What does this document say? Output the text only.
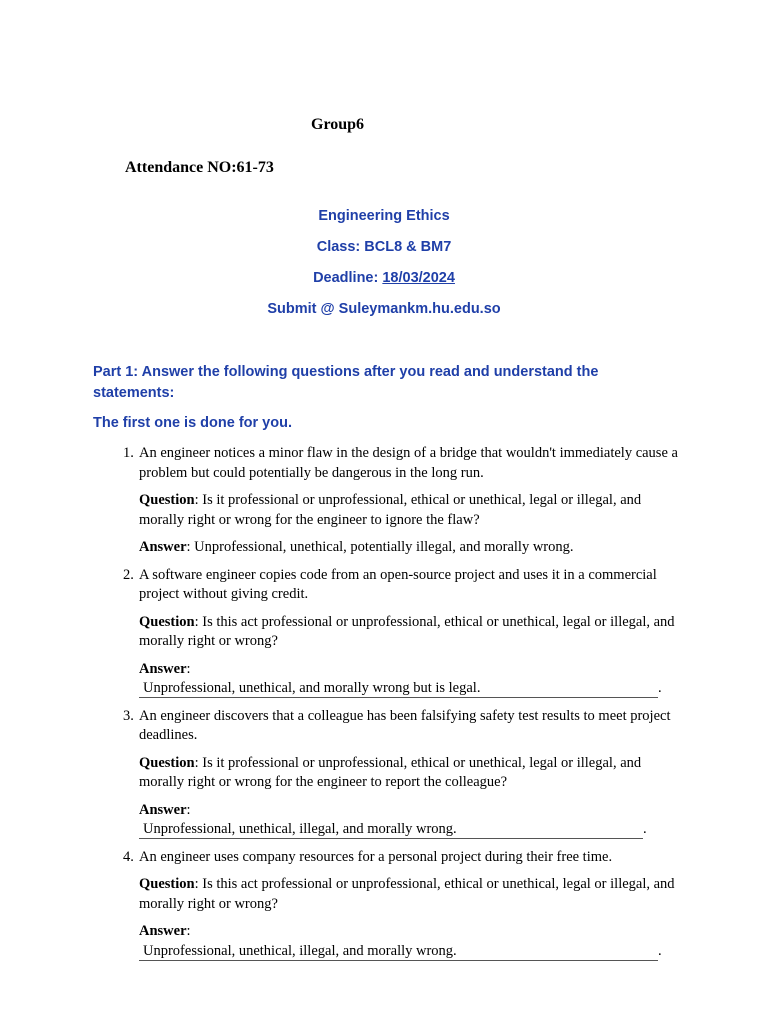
Group6
Attendance NO:61-73
Engineering Ethics
Class: BCL8 & BM7
Deadline: 18/03/2024
Submit @ Suleymankm.hu.edu.so
Part 1: Answer the following questions after you read and understand the statements:
The first one is done for you.
1. An engineer notices a minor flaw in the design of a bridge that wouldn't immediately cause a problem but could potentially be dangerous in the long run.

Question: Is it professional or unprofessional, ethical or unethical, legal or illegal, and morally right or wrong for the engineer to ignore the flaw?

Answer: Unprofessional, unethical, potentially illegal, and morally wrong.

2. A software engineer copies code from an open-source project and uses it in a commercial project without giving credit.

Question: Is this act professional or unprofessional, ethical or unethical, legal or illegal, and morally right or wrong?

Answer:
Unprofessional, unethical, and morally wrong but is legal.	.

3. An engineer discovers that a colleague has been falsifying safety test results to meet project deadlines.

Question: Is it professional or unprofessional, ethical or unethical, legal or illegal, and morally right or wrong for the engineer to report the colleague?

Answer:
Unprofessional, unethical, illegal, and morally wrong.	.

4. An engineer uses company resources for a personal project during their free time.

Question: Is this act professional or unprofessional, ethical or unethical, legal or illegal, and morally right or wrong?

Answer:
Unprofessional, unethical, illegal, and morally wrong.	.
